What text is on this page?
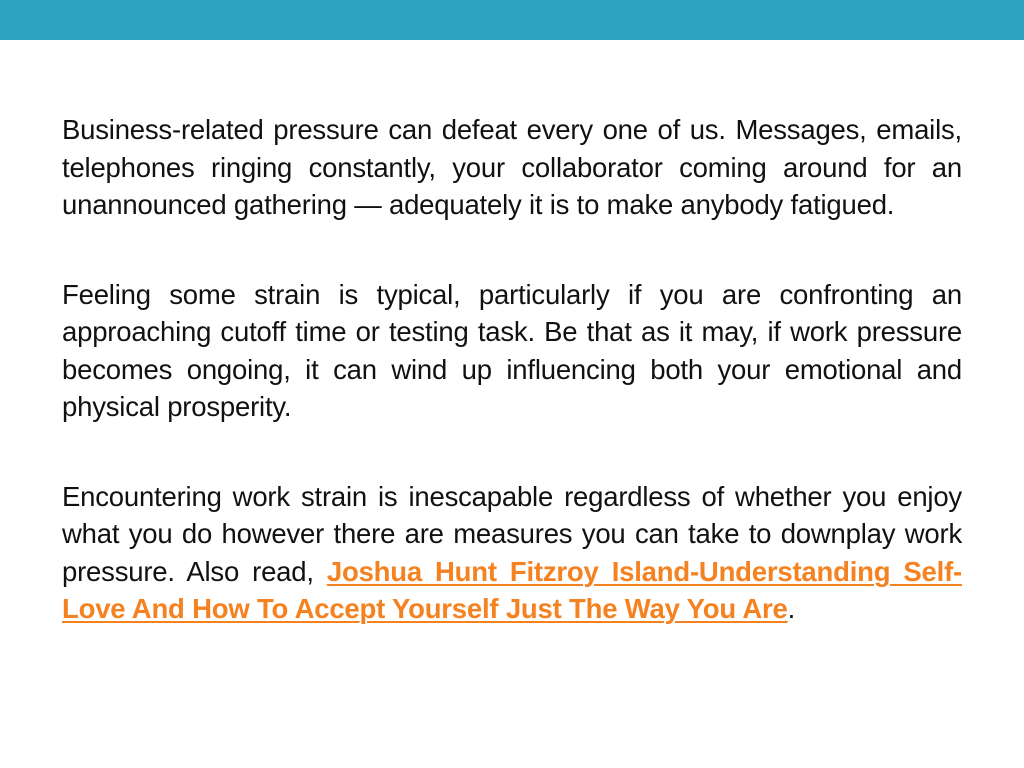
Business-related pressure can defeat every one of us. Messages, emails, telephones ringing constantly, your collaborator coming around for an unannounced gathering — adequately it is to make anybody fatigued.

Feeling some strain is typical, particularly if you are confronting an approaching cutoff time or testing task. Be that as it may, if work pressure becomes ongoing, it can wind up influencing both your emotional and physical prosperity.

Encountering work strain is inescapable regardless of whether you enjoy what you do however there are measures you can take to downplay work pressure. Also read, Joshua Hunt Fitzroy Island-Understanding Self-Love And How To Accept Yourself Just The Way You Are.
